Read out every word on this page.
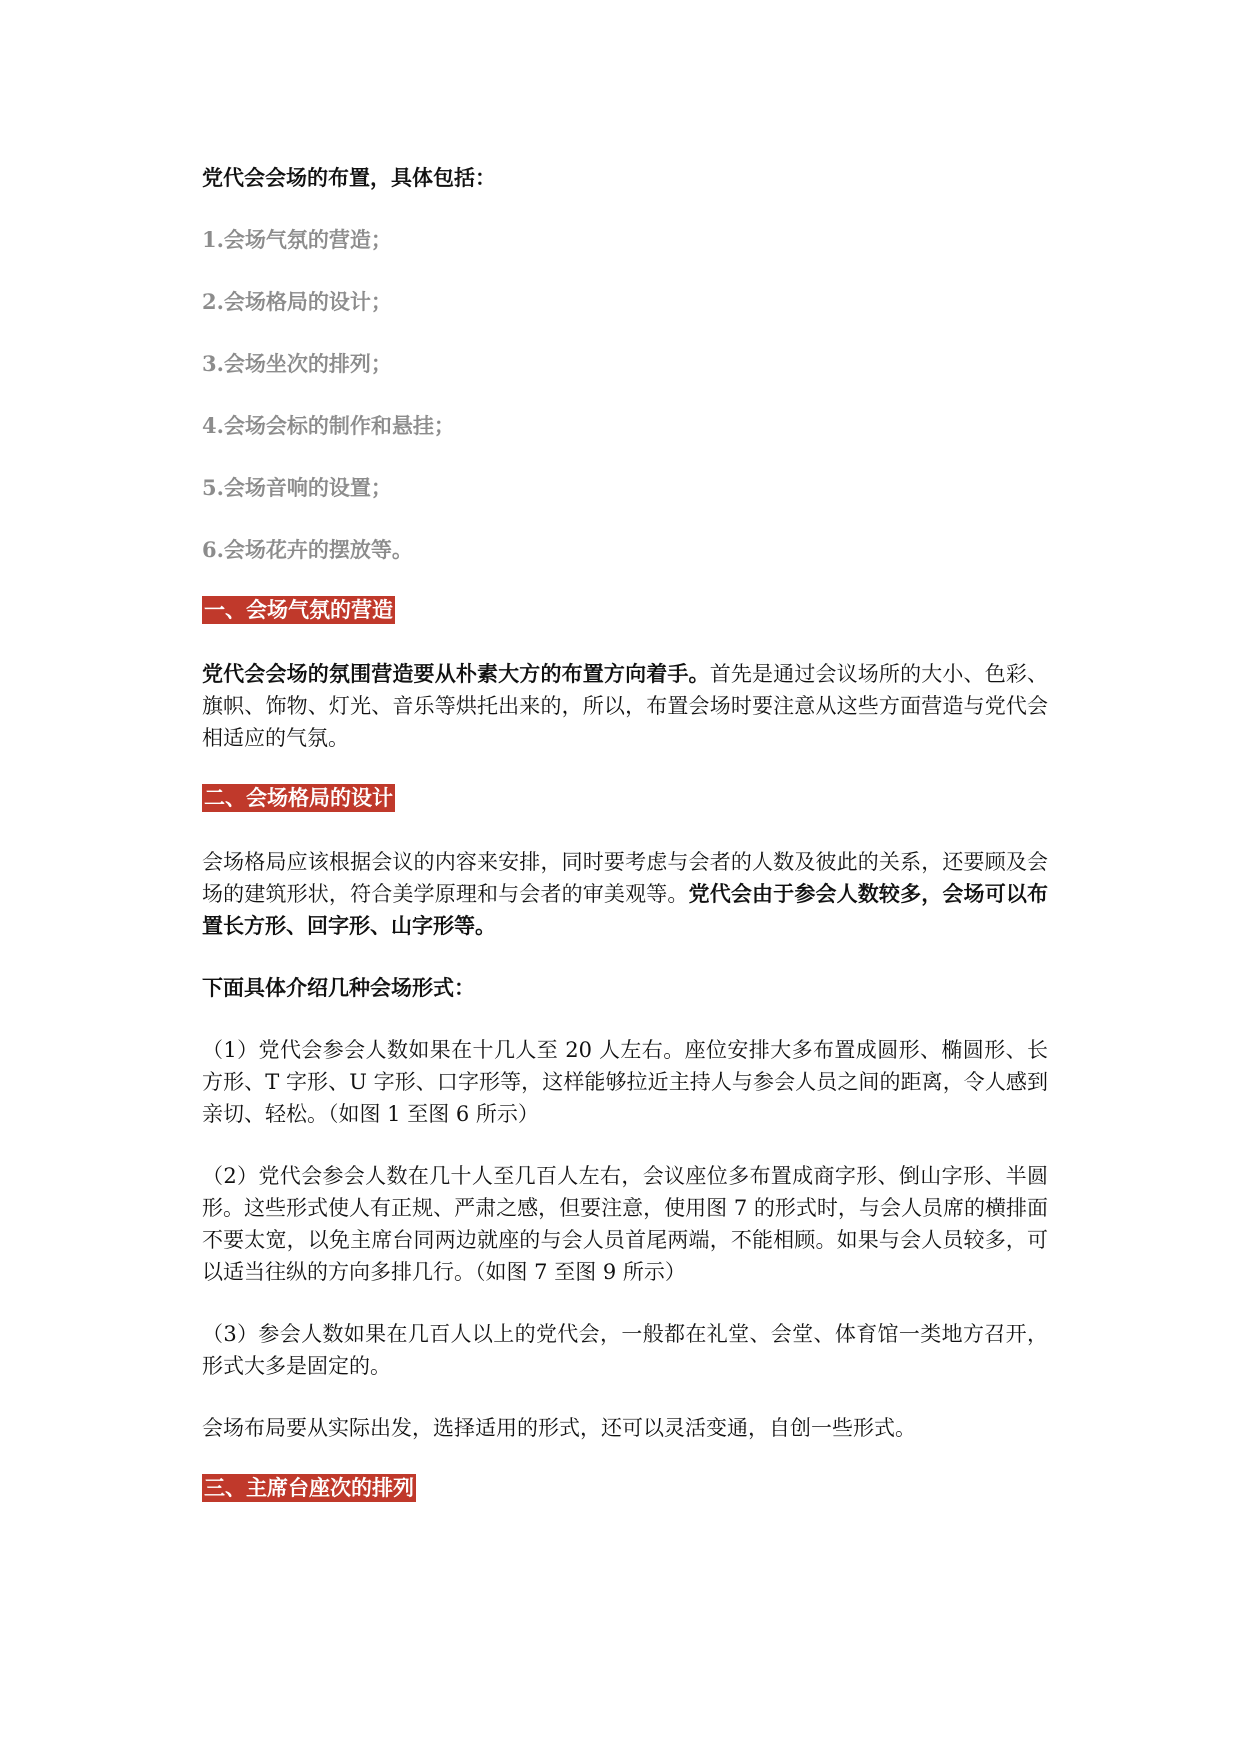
党代会会场的布置，具体包括：
1.会场气氛的营造；
2.会场格局的设计；
3.会场坐次的排列；
4.会场会标的制作和悬挂；
5.会场音响的设置；
6.会场花卉的摆放等。
一、会场气氛的营造

党代会会场的氛围营造要从朴素大方的布置方向着手。首先是通过会议场所的大小、色彩、旗帜、饰物、灯光、音乐等烘托出来的，所以，布置会场时要注意从这些方面营造与党代会相适应的气氛。

二、会场格局的设计

会场格局应该根据会议的内容来安排，同时要考虑与会者的人数及彼此的关系，还要顾及会场的建筑形状，符合美学原理和与会者的审美观等。党代会由于参会人数较多，会场可以布置长方形、回字形、山字形等。

下面具体介绍几种会场形式：

（1）党代会参会人数如果在十几人至 20 人左右。座位安排大多布置成圆形、椭圆形、长方形、T 字形、U 字形、口字形等，这样能够拉近主持人与参会人员之间的距离，令人感到亲切、轻松。（如图 1 至图 6 所示）

（2）党代会参会人数在几十人至几百人左右，会议座位多布置成商字形、倒山字形、半圆形。这些形式使人有正规、严肃之感，但要注意，使用图 7 的形式时，与会人员席的横排面不要太宽，以免主席台同两边就座的与会人员首尾两端，不能相顾。如果与会人员较多，可以适当往纵的方向多排几行。（如图 7 至图 9 所示）

（3）参会人数如果在几百人以上的党代会，一般都在礼堂、会堂、体育馆一类地方召开，形式大多是固定的。

会场布局要从实际出发，选择适用的形式，还可以灵活变通，自创一些形式。

三、主席台座次的排列
